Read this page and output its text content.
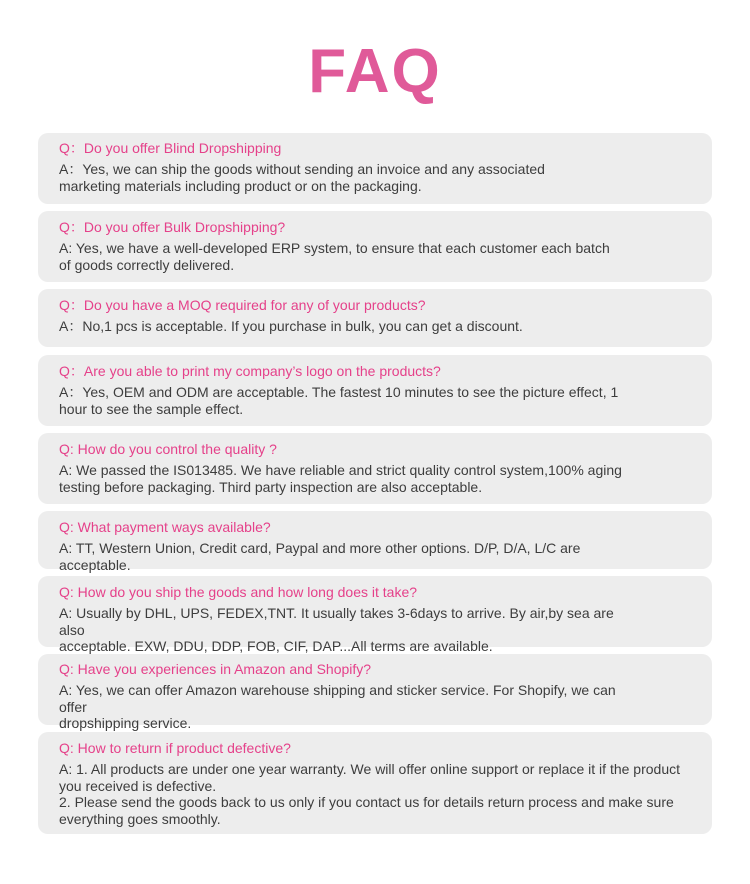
FAQ
Q：Do you offer Blind Dropshipping
A：Yes, we can ship the goods without sending an invoice and any associated
marketing materials including product or on the packaging.
Q：Do you offer Bulk Dropshipping?
A: Yes, we have a well-developed ERP system, to ensure that each customer each batch
of goods correctly delivered.
Q：Do you have a MOQ required for any of your products?
A：No,1 pcs is acceptable. If you purchase in bulk, you can get a discount.
Q：Are you able to print my company’s logo on the products?
A：Yes, OEM and ODM are acceptable. The fastest 10 minutes to see the picture effect, 1
hour to see the sample effect.
Q: How do you control the quality ?
A: We passed the IS013485. We have reliable and strict quality control system,100% aging
testing before packaging. Third party inspection are also acceptable.
Q: What payment ways available?
A: TT, Western Union, Credit card, Paypal and more other options. D/P, D/A, L/C are acceptable.
Q: How do you ship the goods and how long does it take?
A: Usually by DHL, UPS, FEDEX,TNT. It usually takes 3-6days to arrive. By air,by sea are also
acceptable. EXW, DDU, DDP, FOB, CIF, DAP...All terms are available.
Q: Have you experiences in Amazon and Shopify?
A: Yes, we can offer Amazon warehouse shipping and sticker service. For Shopify, we can offer
dropshipping service.
Q: How to return if product defective?
A: 1. All products are under one year warranty. We will offer online support or replace it if the product
you received is defective.
2. Please send the goods back to us only if you contact us for details return process and make sure
everything goes smoothly.
